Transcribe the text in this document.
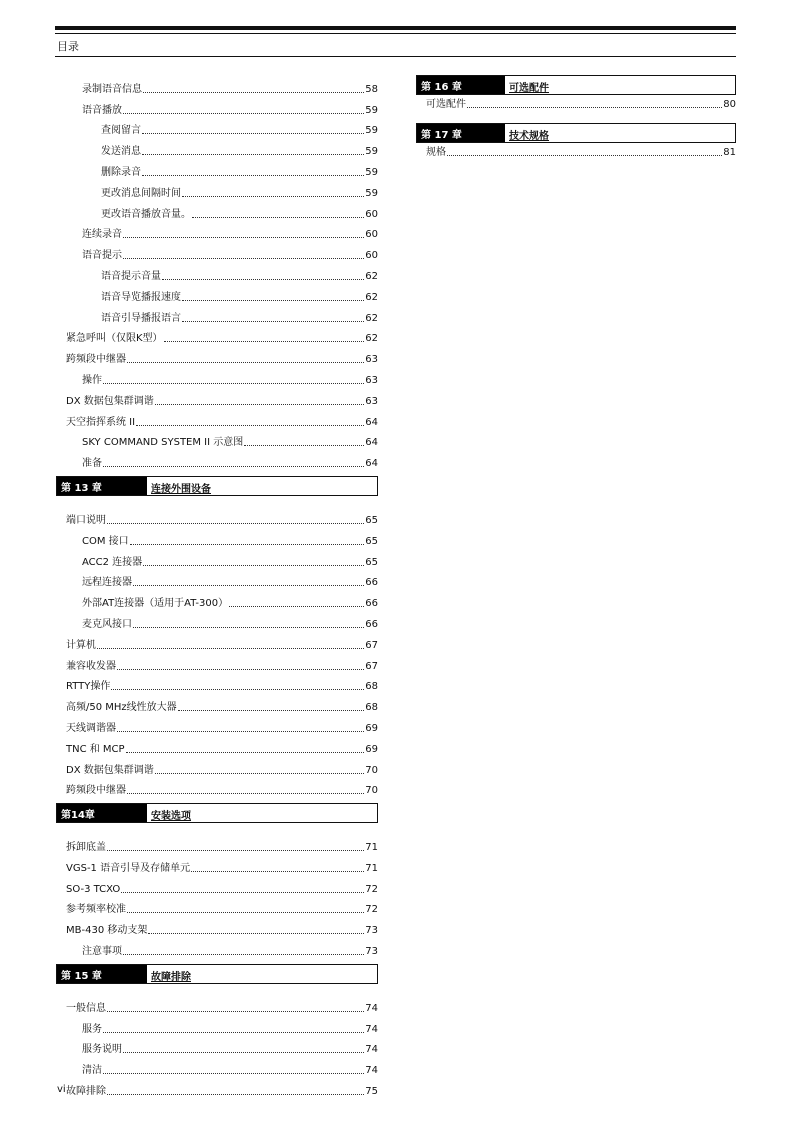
目录
录制语音信息	58
语音播放	59
查阅留言	59
发送消息	59
删除录音	59
更改消息间隔时间	59
更改语音播放音量。	60
连续录音	60
语音提示	60
语音提示音量	62
语音导览播报速度	62
语音引导播报语言	62
紧急呼叫（仅限K型）	62
跨频段中继器	63
操作	63
DX 数据包集群调谐	63
天空指挥系统 II	64
SKY COMMAND SYSTEM II 示意图	64
准备	64
第 13 章	连接外围设备
端口说明	65
COM 接口	65
ACC2 连接器	65
远程连接器	66
外部AT连接器（适用于AT-300）	66
麦克风接口	66
计算机	67
兼容收发器	67
RTTY操作	68
高频/50 MHz线性放大器	68
天线调谐器	69
TNC 和 MCP	69
DX 数据包集群调谐	70
跨频段中继器	70
第14章	安装选项
拆卸底盖	71
VGS-1 语音引导及存储单元	71
SO-3 TCXO	72
参考频率校准	72
MB-430 移动支架	73
注意事项	73
第 15 章	故障排除
一般信息	74
服务	74
服务说明	74
清洁	74
故障排除	75
第 16 章	可选配件
可选配件	80
第 17 章	技术规格
规格	81
vi
